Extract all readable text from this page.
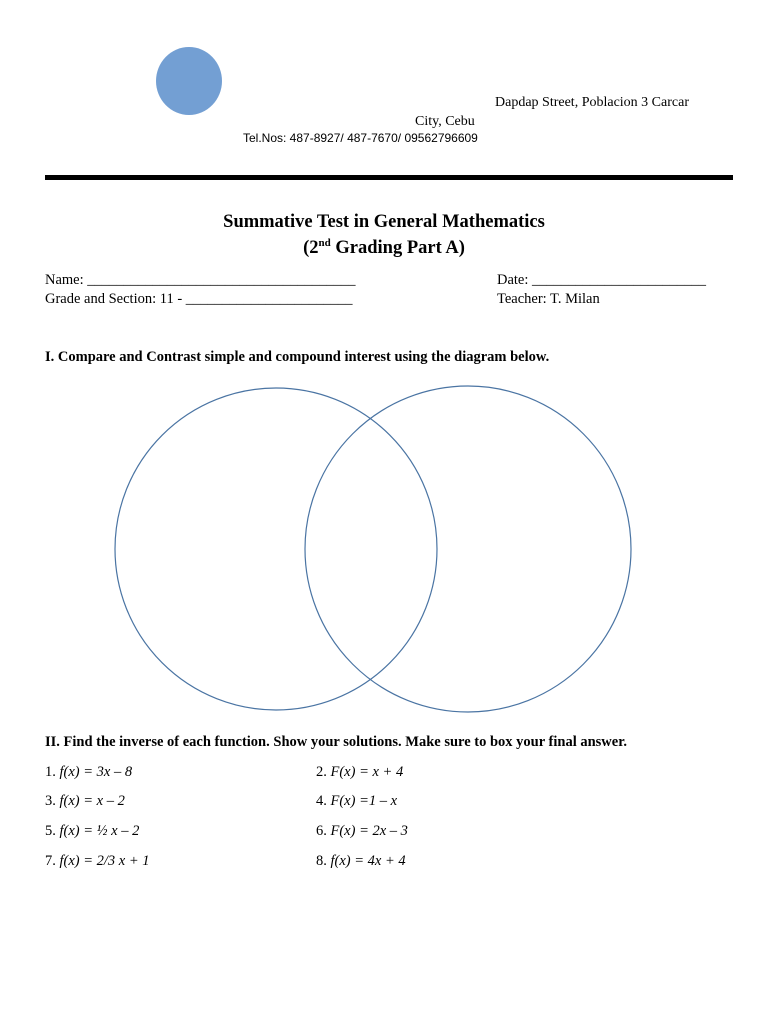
Dapdap Street, Poblacion 3 Carcar
City, Cebu
Tel.Nos: 487-8927/ 487-7670/ 09562796609
Summative Test in General Mathematics
(2nd Grading Part A)
Name: _____________________________________
Grade and Section: 11 - _______________________
Date: ________________________
Teacher: T. Milan
I. Compare and Contrast simple and compound interest using the diagram below.
II. Find the inverse of each function. Show your solutions. Make sure to box your final answer.
1. f(x) = 3x – 8	2. F(x) = x + 4
3. f(x) = x – 2	4. F(x) =1 – x
5. f(x) = ½ x – 2	6. F(x) = 2x – 3
7. f(x) = 2/3 x + 1	8. f(x) = 4x + 4
